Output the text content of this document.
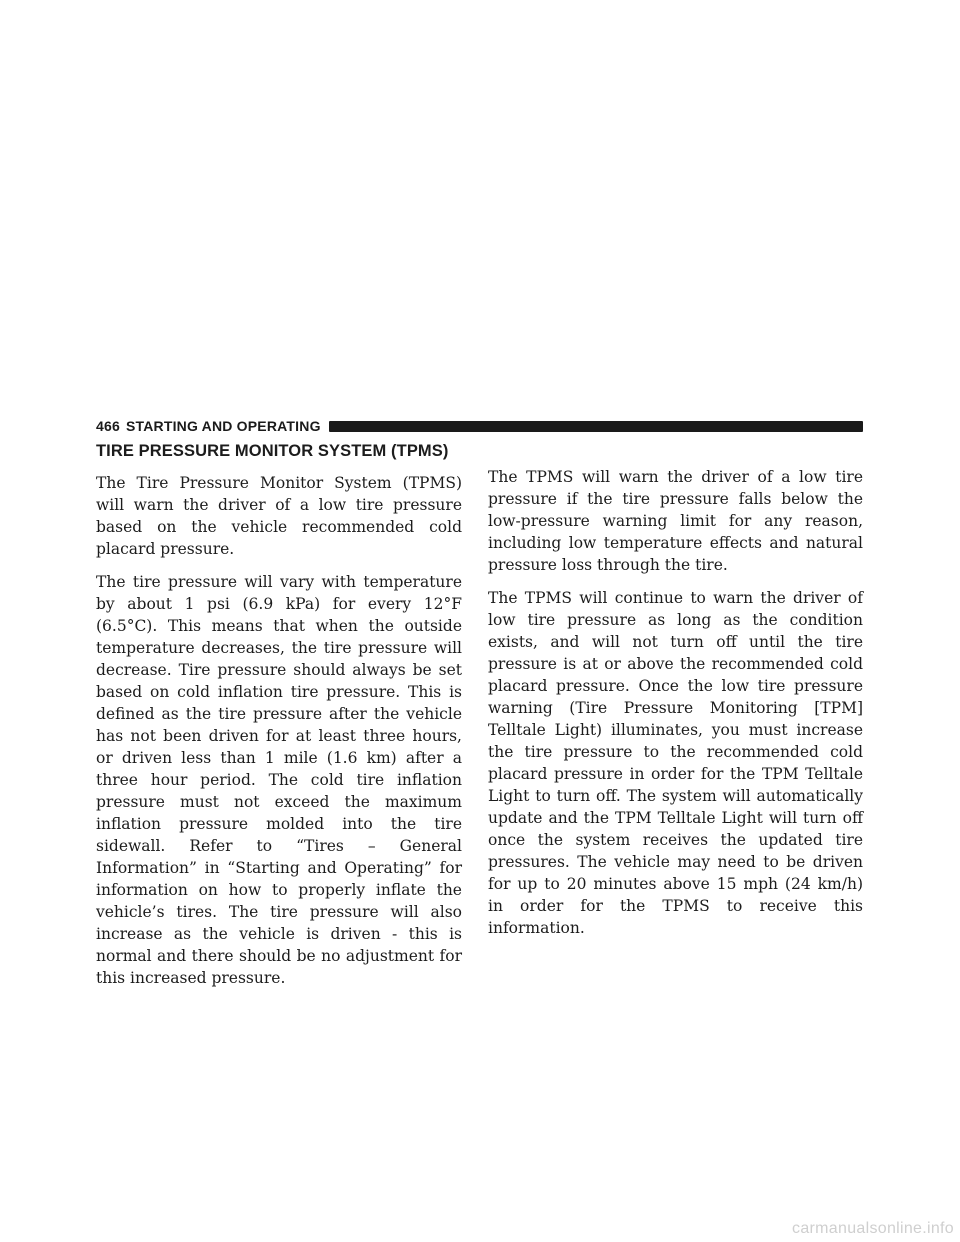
466 STARTING AND OPERATING
TIRE PRESSURE MONITOR SYSTEM (TPMS)

The Tire Pressure Monitor System (TPMS) will warn the driver of a low tire pressure based on the vehicle recommended cold placard pressure.

The tire pressure will vary with temperature by about 1 psi (6.9 kPa) for every 12°F (6.5°C). This means that when the outside temperature decreases, the tire pressure will decrease. Tire pressure should always be set based on cold inflation tire pressure. This is defined as the tire pressure after the vehicle has not been driven for at least three hours, or driven less than 1 mile (1.6 km) after a three hour period. The cold tire inflation pressure must not exceed the maximum inflation pressure molded into the tire sidewall. Refer to “Tires – General Information” in “Starting and Operating” for information on how to properly inflate the vehicle’s tires. The tire pressure will also increase as the vehicle is driven - this is normal and there should be no adjustment for this increased pressure.

The TPMS will warn the driver of a low tire pressure if the tire pressure falls below the low-pressure warning limit for any reason, including low temperature effects and natural pressure loss through the tire.

The TPMS will continue to warn the driver of low tire pressure as long as the condition exists, and will not turn off until the tire pressure is at or above the recommended cold placard pressure. Once the low tire pressure warning (Tire Pressure Monitoring [TPM] Telltale Light) illuminates, you must increase the tire pressure to the recommended cold placard pressure in order for the TPM Telltale Light to turn off. The system will automatically update and the TPM Telltale Light will turn off once the system receives the updated tire pressures. The vehicle may need to be driven for up to 20 minutes above 15 mph (24 km/h) in order for the TPMS to receive this information.

carmanualsonline.info
